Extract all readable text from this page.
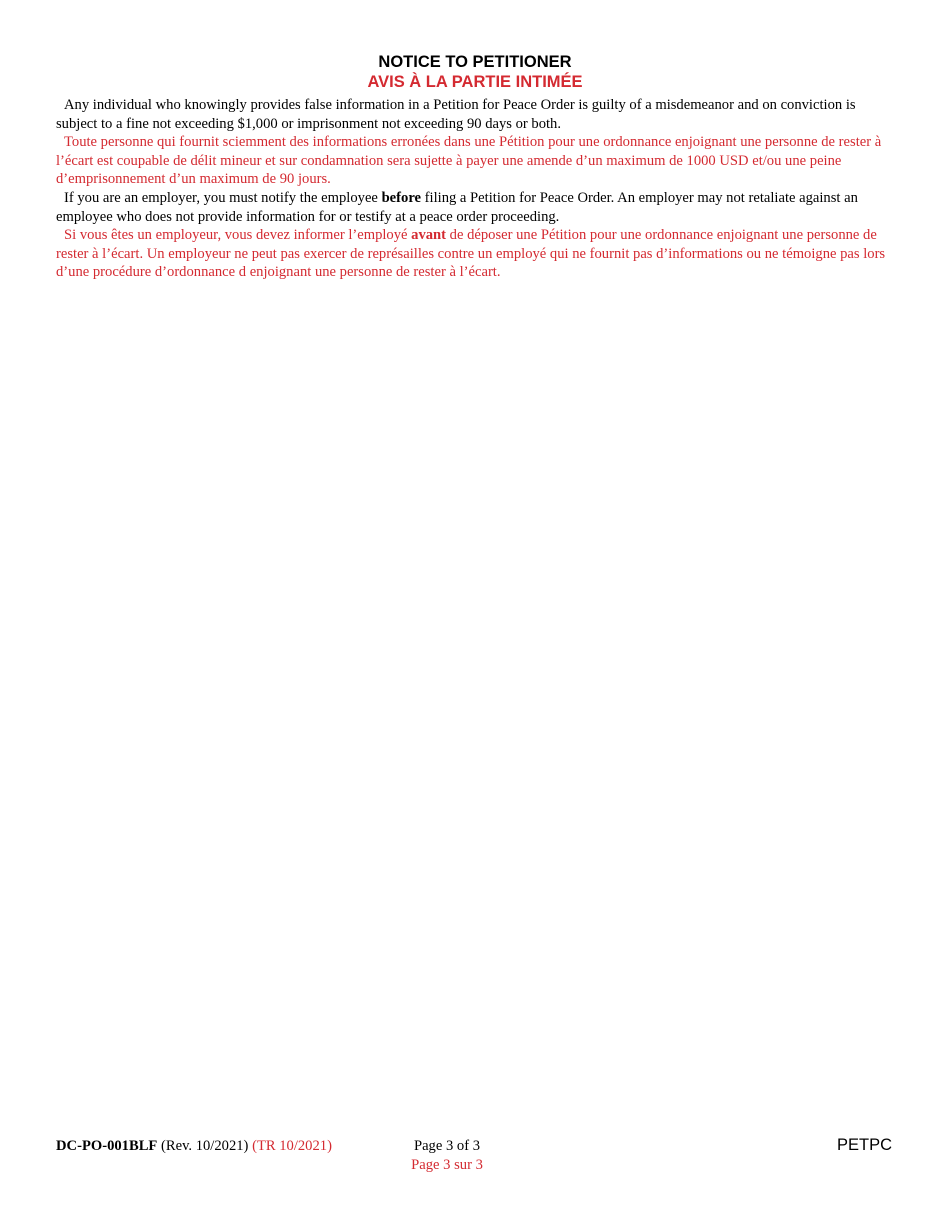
NOTICE TO PETITIONER
AVIS À LA PARTIE INTIMÉE

Any individual who knowingly provides false information in a Petition for Peace Order is guilty of a misdemeanor and on conviction is subject to a fine not exceeding $1,000 or imprisonment not exceeding 90 days or both.

Toute personne qui fournit sciemment des informations erronées dans une Pétition pour une ordonnance enjoignant une personne de rester à l’écart est coupable de délit mineur et sur condamnation sera sujette à payer une amende d’un maximum de 1000 USD et/ou une peine d’emprisonnement d’un maximum de 90 jours.

If you are an employer, you must notify the employee before filing a Petition for Peace Order. An employer may not retaliate against an employee who does not provide information for or testify at a peace order proceeding.

Si vous êtes un employeur, vous devez informer l’employé avant de déposer une Pétition pour une ordonnance enjoignant une personne de rester à l’écart. Un employeur ne peut pas exercer de représailles contre un employé qui ne fournit pas d’informations ou ne témoigne pas lors d’une procédure d’ordonnance d enjoignant une personne de rester à l’écart.

DC-PO-001BLF (Rev. 10/2021) (TR 10/2021)	Page 3 of 3
Page 3 sur 3
PETPC
